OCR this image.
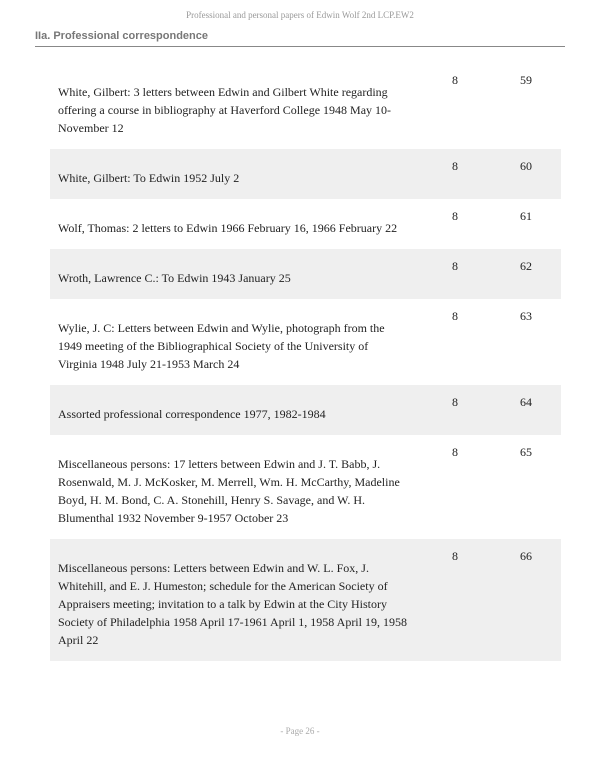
Professional and personal papers of Edwin Wolf 2nd LCP.EW2
IIa. Professional correspondence
White, Gilbert: 3 letters between Edwin and Gilbert White regarding offering a course in bibliography at Haverford College 1948 May 10-November 12
8	59
White, Gilbert: To Edwin 1952 July 2
8	60
Wolf, Thomas: 2 letters to Edwin 1966 February 16, 1966 February 22
8	61
Wroth, Lawrence C.: To Edwin 1943 January 25
8	62
Wylie, J. C: Letters between Edwin and Wylie, photograph from the 1949 meeting of the Bibliographical Society of the University of Virginia 1948 July 21-1953 March 24
8	63
Assorted professional correspondence 1977, 1982-1984
8	64
Miscellaneous persons: 17 letters between Edwin and J. T. Babb, J. Rosenwald, M. J. McKosker, M. Merrell, Wm. H. McCarthy, Madeline Boyd, H. M. Bond, C. A. Stonehill, Henry S. Savage, and W. H. Blumenthal 1932 November 9-1957 October 23
8	65
Miscellaneous persons: Letters between Edwin and W. L. Fox, J. Whitehill, and E. J. Humeston; schedule for the American Society of Appraisers meeting; invitation to a talk by Edwin at the City History Society of Philadelphia 1958 April 17-1961 April 1, 1958 April 19, 1958 April 22
8	66
- Page 26 -
